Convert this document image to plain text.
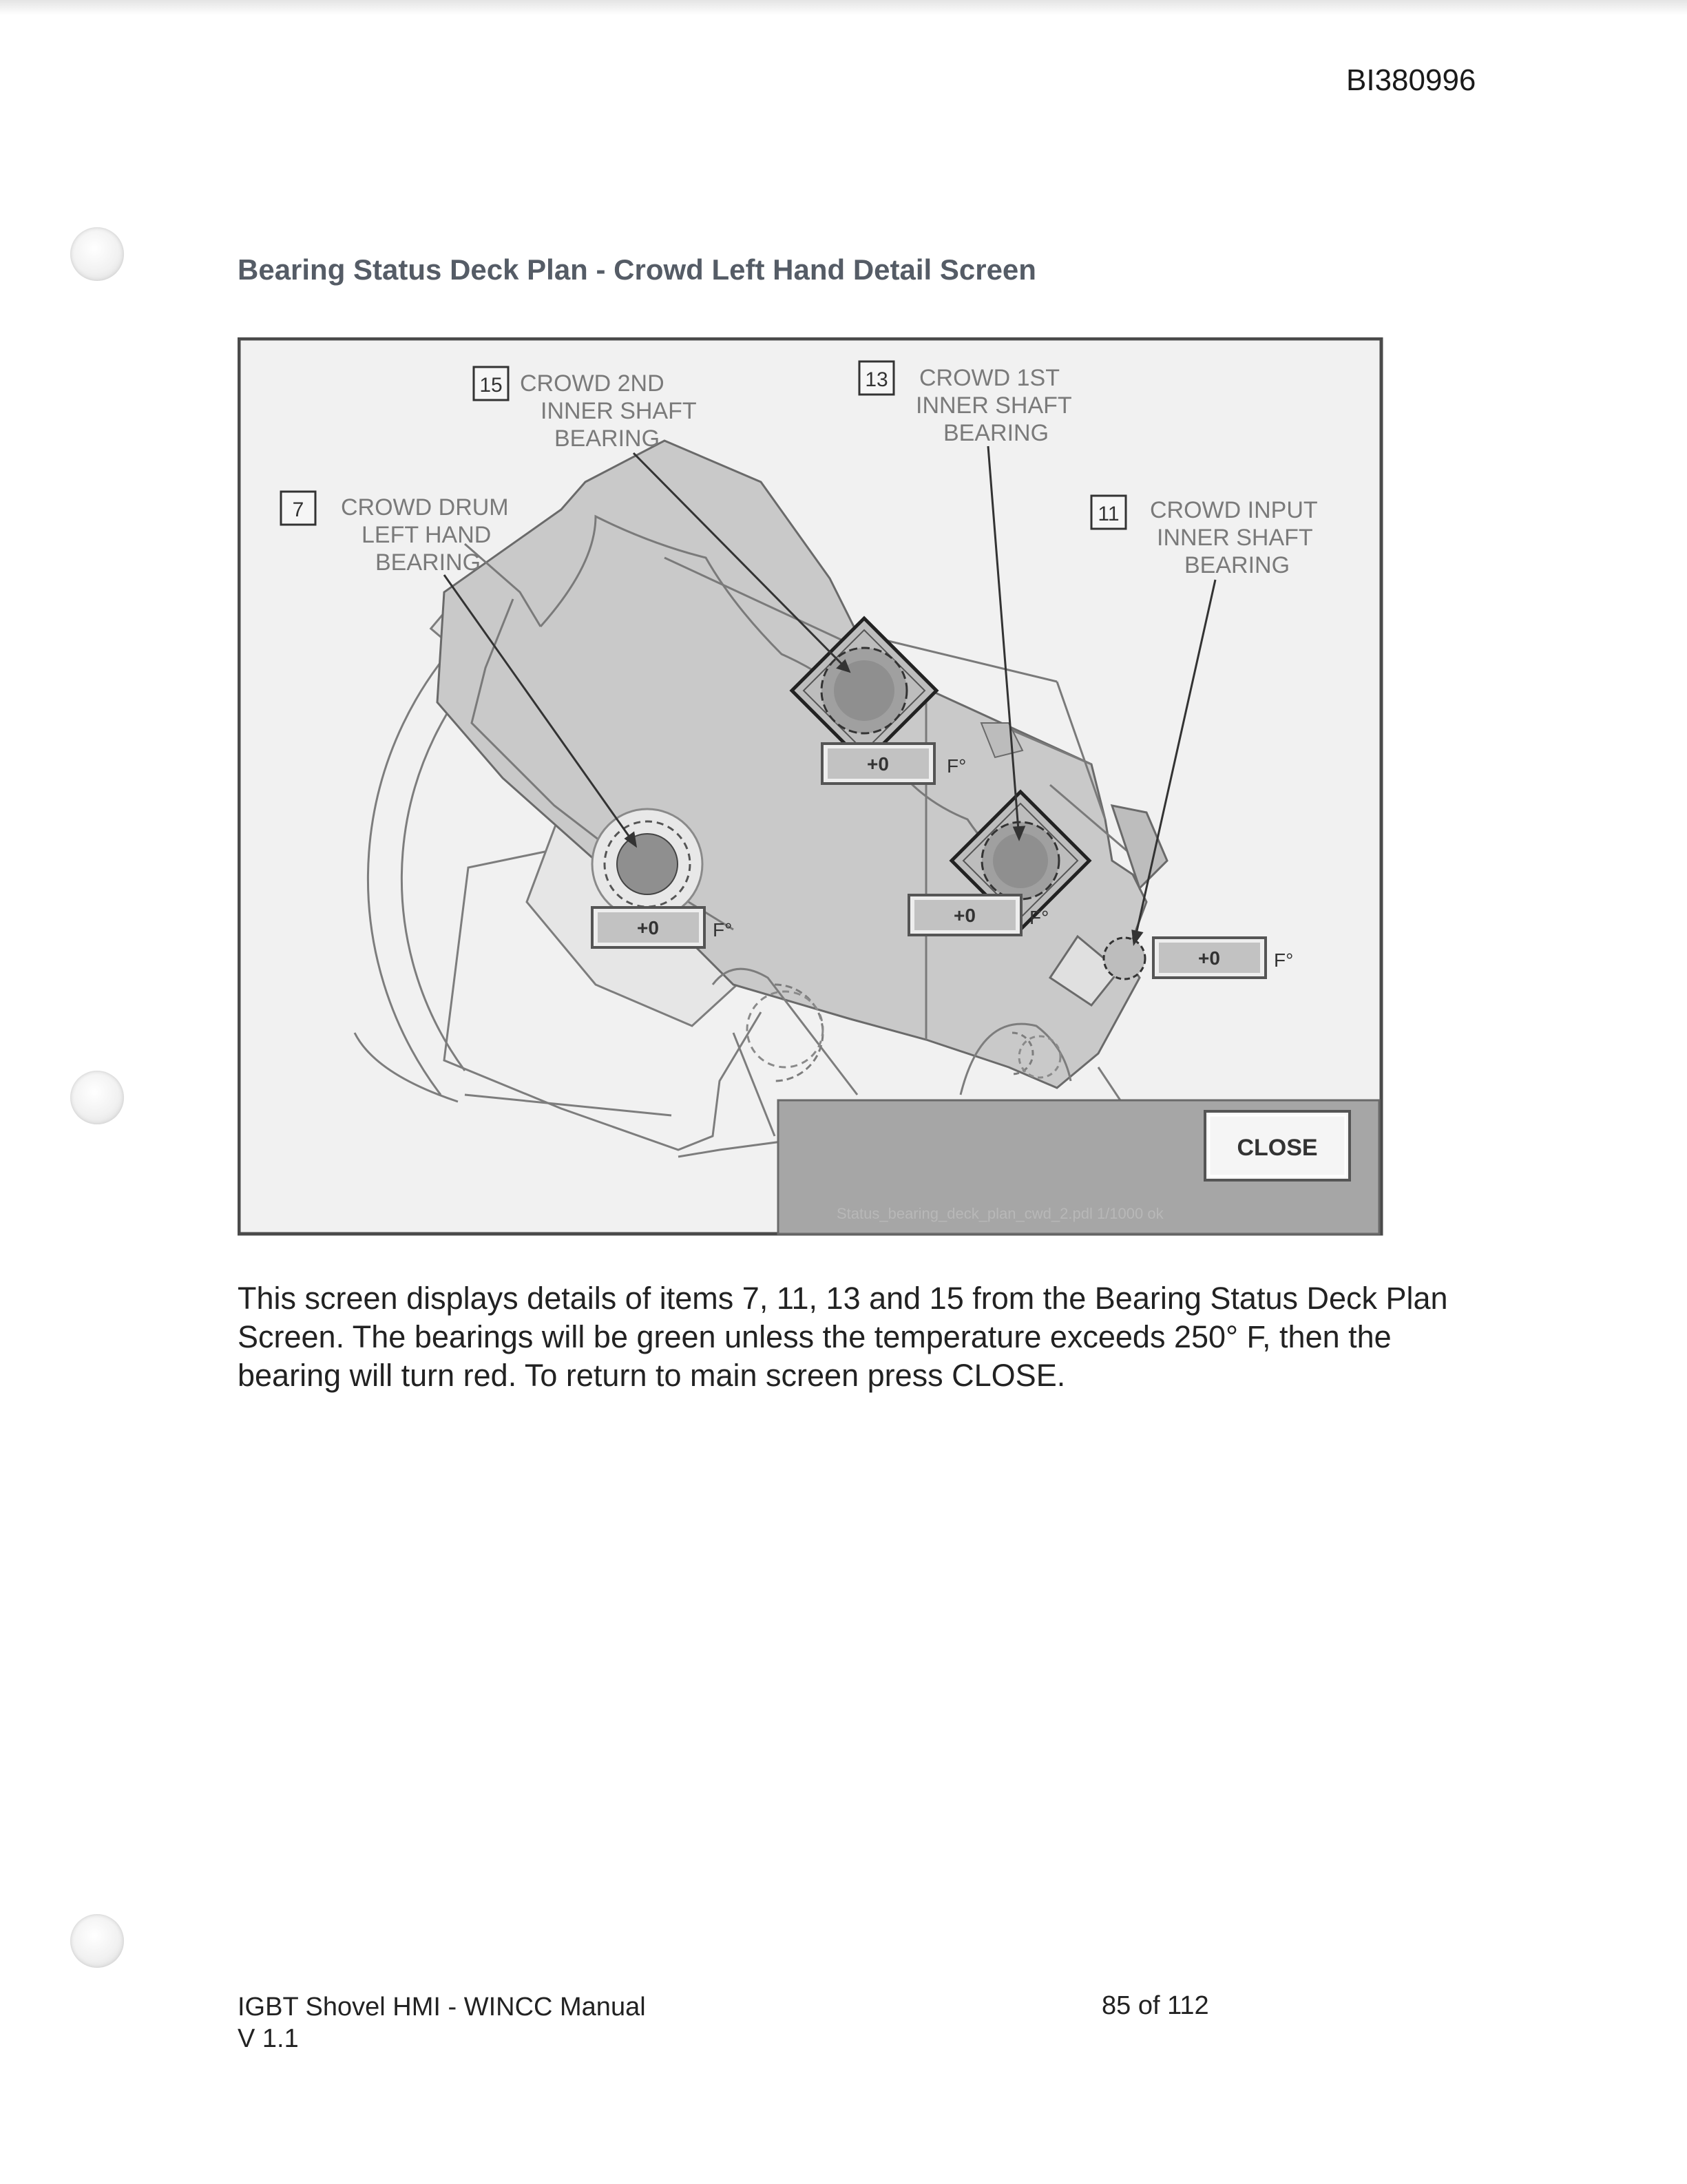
BI380996
Bearing Status Deck Plan - Crowd Left Hand Detail Screen
Status_bearing_deck_plan_cwd_2.pdl 1/1000 ok
CLOSE
15 CROWD 2ND
INNER SHAFT
BEARING
13 CROWD 1ST
INNER SHAFT
BEARING
7 CROWD DRUM
LEFT HAND
BEARING
11 CROWD INPUT
INNER SHAFT
BEARING
+0	F°
+0	F°
+0	F°
+0	F°

This screen displays details of items 7, 11, 13 and 15 from the Bearing Status Deck Plan Screen. The bearings will be green unless the temperature exceeds 250° F, then the bearing will turn red. To return to main screen press CLOSE.

IGBT Shovel HMI - WINCC Manual
V 1.1
85 of 112
